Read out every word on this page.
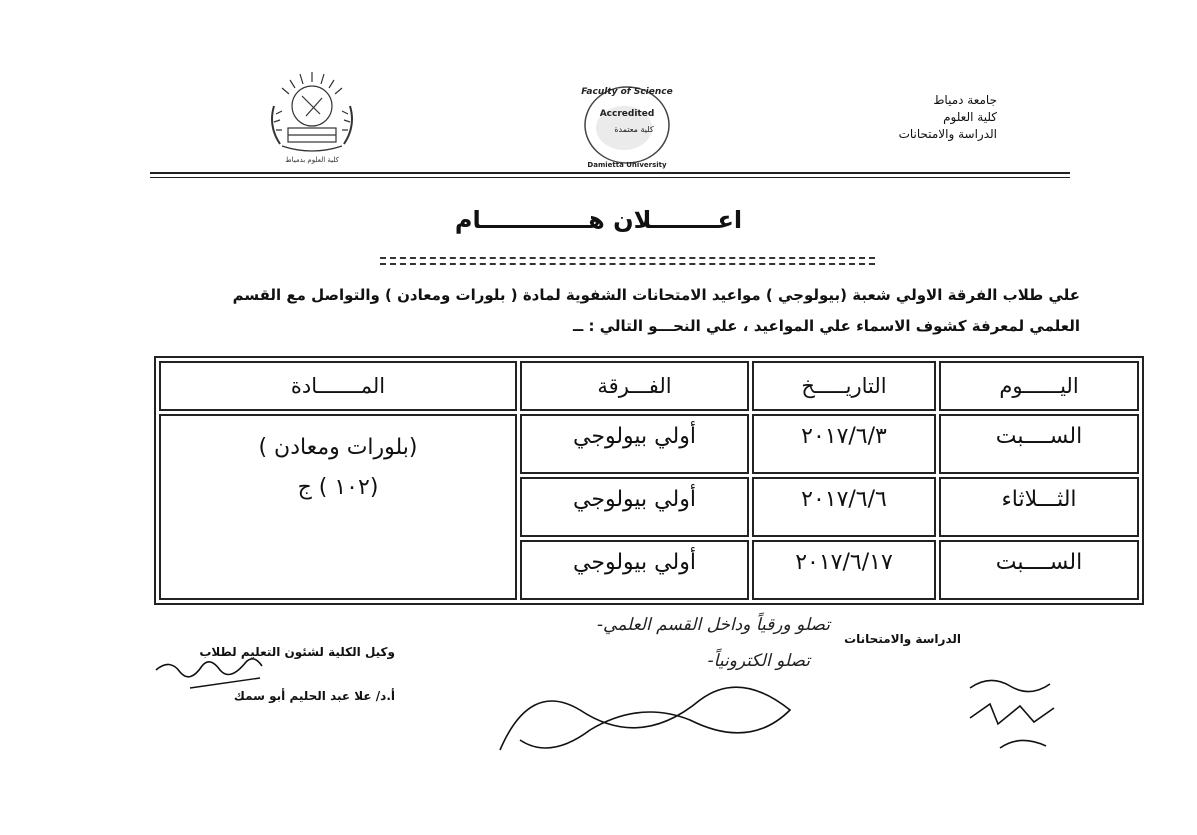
جامعة دمياط
كلية العلوم
الدراسة والامتحانات
كلية العلوم بدمياط
Faculty of Science
Accredited
كلية معتمدة
Damietta University
اعــــــــلان هـــــــــــــام
علي طلاب الفرقة الاولي شعبة (بيولوجي ) مواعيد الامتحانات الشفوية لمادة ( بلورات ومعادن ) والتواصل مع القسم
العلمي لمعرفة كشوف الاسماء علي المواعيد ، علي النحـــو التالي : ــ
اليــــــوم	التاريـــــخ	الفـــرقة	المـــــــادة
الســــبت	٢٠١٧/٦/٣	أولي بيولوجي	(بلورات ومعادن )
(١٠٢ ) ج

الثـــلاثاء	٢٠١٧/٦/٦	أولي بيولوجي	
الســــبت	٢٠١٧/٦/١٧	أولي بيولوجي	
الدراسة والامتحانات
وكيل الكلية لشئون التعليم لطلاب
أ.د/ علا عبد الحليم أبو سمك
-تصلو ورقياً وداخل القسم العلمي
-تصلو الكترونياً
